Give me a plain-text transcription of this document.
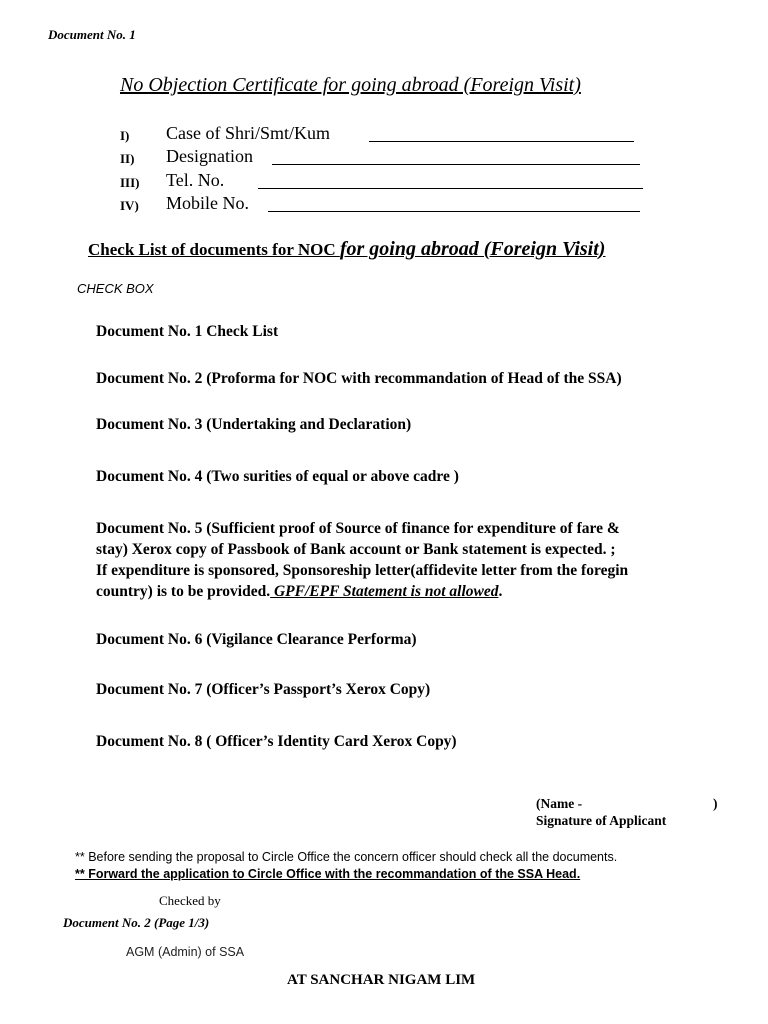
Document No. 1
No Objection Certificate for going abroad (Foreign Visit)
I) Case of Shri/Smt/Kum
II) Designation
III) Tel. No.
IV) Mobile No.
Check List of documents for NOC for going abroad (Foreign Visit)
CHECK BOX
Document No. 1 Check List
Document No. 2 (Proforma for NOC with recommandation of Head of the SSA)
Document No. 3 (Undertaking and Declaration)
Document No. 4 (Two surities of equal or above cadre )
Document No. 5 (Sufficient proof of Source of finance for expenditure of fare &
stay) Xerox copy of Passbook of Bank account or Bank statement is expected. ;
If expenditure is sponsored, Sponsoreship letter(affidevite letter from the foregin
country) is to be provided. GPF/EPF Statement is not allowed.
Document No. 6 (Vigilance Clearance Performa)
Document No. 7 (Officer’s Passport’s Xerox Copy)
Document No. 8 ( Officer’s Identity Card Xerox Copy)
(Name -	)
Signature of Applicant
** Before sending the proposal to Circle Office the concern officer should check all the documents.
** Forward the application to Circle Office with the recommandation of the SSA Head.
Checked by
Document No. 2 (Page 1/3)
AGM (Admin) of SSA
AT SANCHAR NIGAM LIM
